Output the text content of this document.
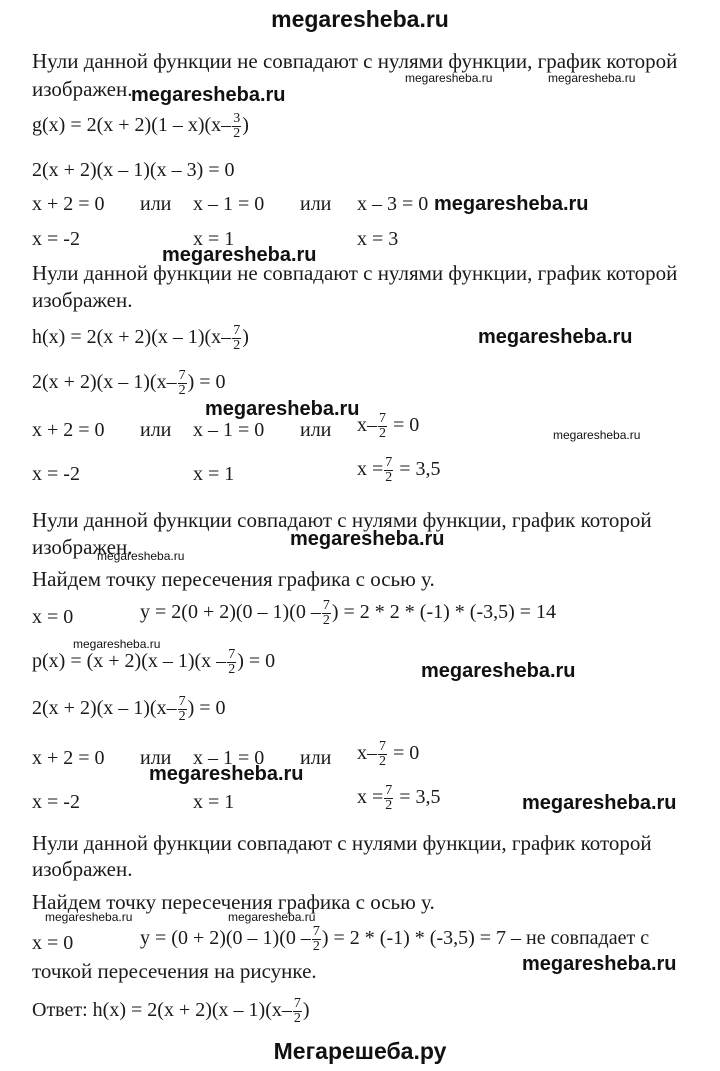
megaresheba.ru
Мегарешеба.ру
Нули данной функции не совпадают с нулями функции, график которой
изображен.
$g(x) = 2(x + 2)(1 - x)(x- \frac{3}{2}$ )
2(x + 2)(x – 1)(x – 3) = 0
x + 2 = 0 или x – 1 = 0 или x – 3 = 0
x = -2	x = 1	x = 3
Нули данной функции не совпадают с нулями функции, график которой
изображен.
$h(x) = 2(x + 2)(x - 1)(x- \frac{7}{2}$ )
$2(x + 2)(x - 1)(x- \frac{7}{2}$ ) = 0
x + 2 = 0 или x – 1 = 0 или $x- \frac{7}{2} = 0$
x = -2	x = 1	$x = \frac{7}{2} = 3,5$
Нули данной функции совпадают с нулями функции, график которой
изображен.
Найдем точку пересечения графика с осью у.
x = 0	$y = 2(0 + 2)(0 - 1)(0 - \frac{7}{2}$ ) = 2 * 2 * (-1) * (-3,5) = 14
$p(x) = (x + 2)(x - 1)(x - \frac{7}{2}$ ) = 0
$2(x + 2)(x - 1)(x- \frac{7}{2}$ ) = 0
x + 2 = 0 или x – 1 = 0 или $x- \frac{7}{2} = 0$
x = -2	x = 1	$x = \frac{7}{2} = 3,5$
Нули данной функции совпадают с нулями функции, график которой
изображен.
Найдем точку пересечения графика с осью у.
x = 0	$y = (0 + 2)(0 - 1)(0 - \frac{7}{2}$ ) = 2 * (-1) * (-3,5) = 7 – не совпадает с
точкой пересечения на рисунке.
Ответ: $h(x) = 2(x + 2)(x - 1)(x- \frac{7}{2}$ )
megaresheba.ru	megaresheba.ru
megaresheba.ru
megaresheba.ru
megaresheba.ru
megaresheba.ru
megaresheba.ru
megaresheba.ru
megaresheba.ru
megaresheba.ru
megaresheba.ru
megaresheba.ru
megaresheba.ru
megaresheba.ru
megaresheba.ru	megaresheba.ru
megaresheba.ru
